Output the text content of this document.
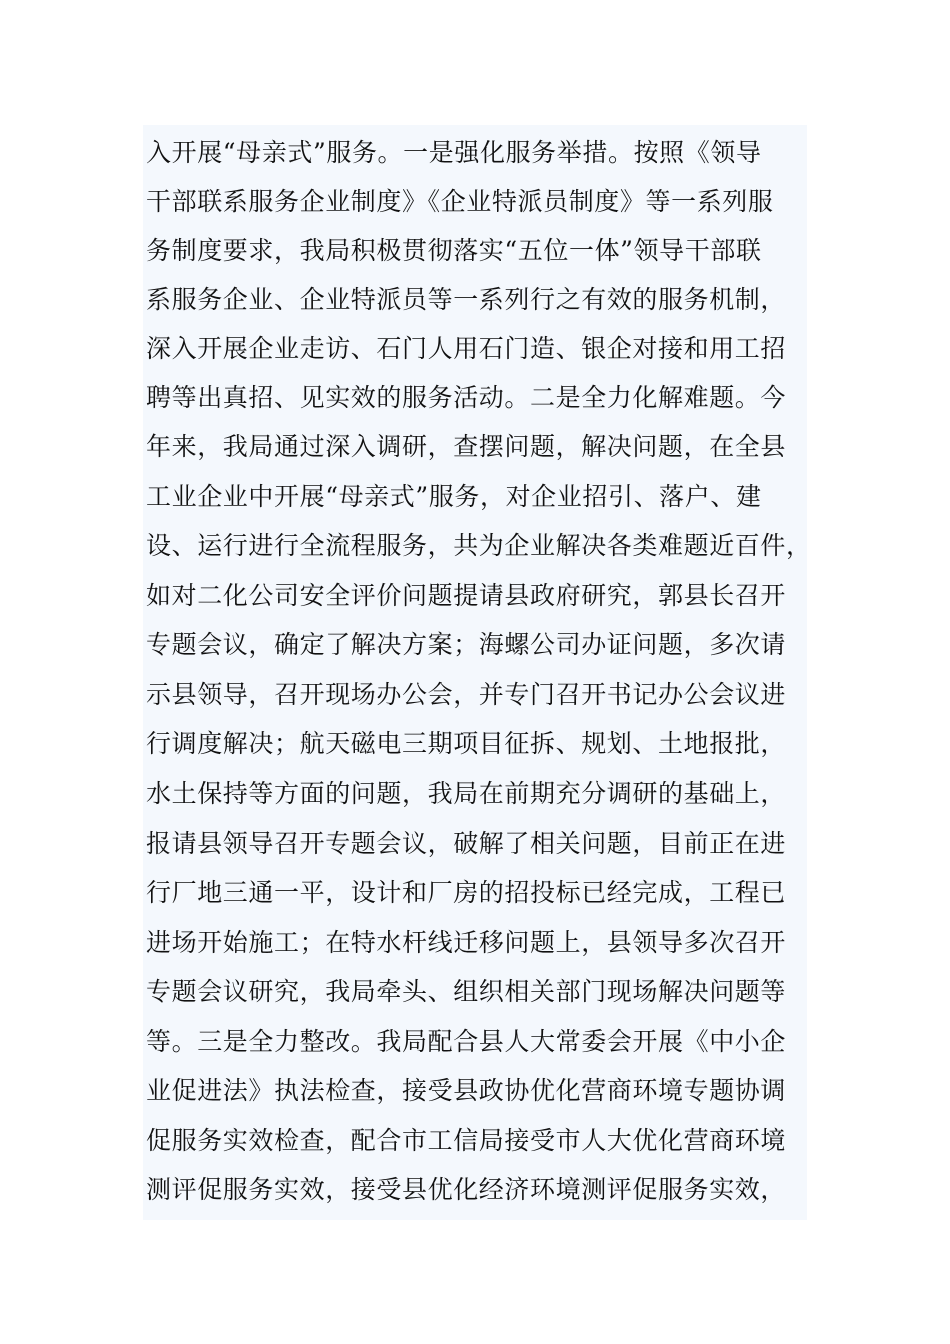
入开展“母亲式”服务。一是强化服务举措。按照《领导
干部联系服务企业制度》《企业特派员制度》等一系列服
务制度要求，我局积极贯彻落实“五位一体”领导干部联
系服务企业、企业特派员等一系列行之有效的服务机制，
深入开展企业走访、石门人用石门造、银企对接和用工招
聘等出真招、见实效的服务活动。二是全力化解难题。今
年来，我局通过深入调研，查摆问题，解决问题，在全县
工业企业中开展“母亲式”服务，对企业招引、落户、建
设、运行进行全流程服务，共为企业解决各类难题近百件，
如对二化公司安全评价问题提请县政府研究，郭县长召开
专题会议，确定了解决方案；海螺公司办证问题，多次请
示县领导，召开现场办公会，并专门召开书记办公会议进
行调度解决；航天磁电三期项目征拆、规划、土地报批，
水土保持等方面的问题，我局在前期充分调研的基础上，
报请县领导召开专题会议，破解了相关问题，目前正在进
行厂地三通一平，设计和厂房的招投标已经完成，工程已
进场开始施工；在特水杆线迁移问题上，县领导多次召开
专题会议研究，我局牵头、组织相关部门现场解决问题等
等。三是全力整改。我局配合县人大常委会开展《中小企
业促进法》执法检查，接受县政协优化营商环境专题协调
促服务实效检查，配合市工信局接受市人大优化营商环境
测评促服务实效，接受县优化经济环境测评促服务实效，
